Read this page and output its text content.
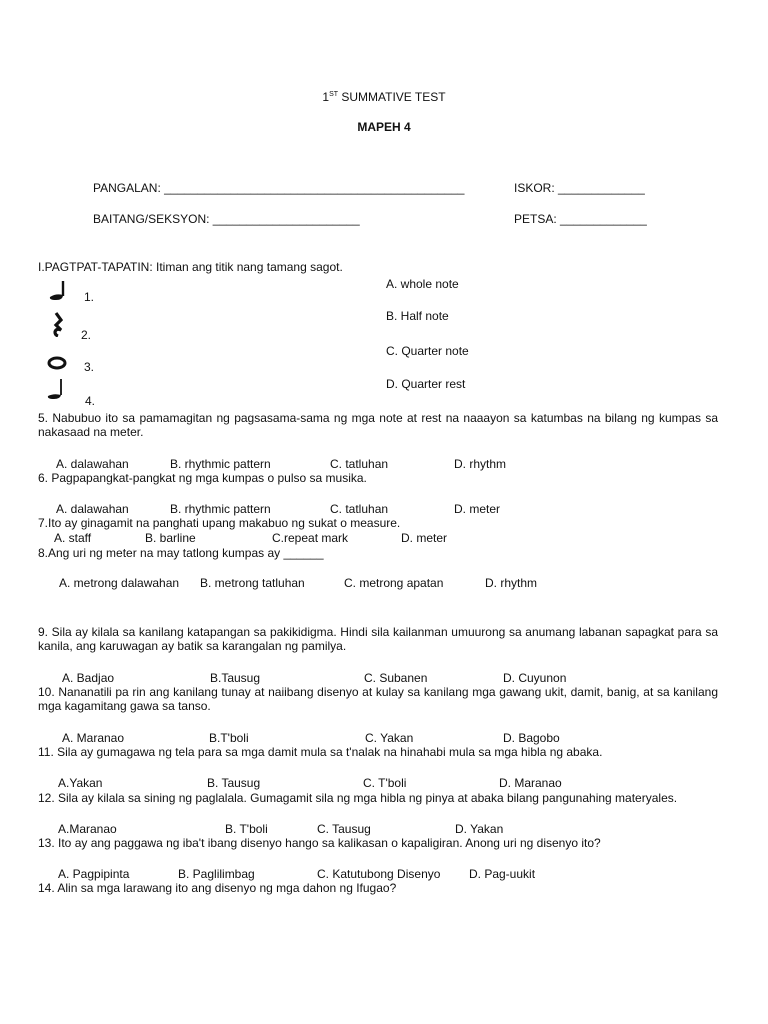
1ST SUMMATIVE TEST
MAPEH 4
PANGALAN: _____________________________________________	ISKOR: _____________
BAITANG/SEKSYON: ______________________	PETSA: _____________
I.PAGTPAT-TAPATIN: Itiman ang titik nang tamang sagot.
1.
2.
3.
4.
A. whole note
B. Half note
C. Quarter note
D. Quarter rest
5. Nabubuo ito sa pamamagitan ng pagsasama-sama ng mga note at rest na naaayon sa katumbas na bilang ng kumpas sa nakasaad na meter.
A. dalawahan	B. rhythmic pattern	C. tatluhan	D. rhythm
6. Pagpapangkat-pangkat ng mga kumpas o pulso sa musika.
A. dalawahan	B. rhythmic pattern	C. tatluhan	D. meter
7.Ito ay ginagamit na panghati upang makabuo ng sukat o measure.
A. staff	B. barline	C.repeat mark	D. meter
8.Ang uri ng meter na may tatlong kumpas ay ______
A. metrong dalawahan B. metrong tatluhan	C. metrong apatan	D. rhythm
9. Sila ay kilala sa kanilang katapangan sa pakikidigma. Hindi sila kailanman umuurong sa anumang labanan sapagkat para sa kanila, ang karuwagan ay batik sa karangalan ng pamilya.
A. Badjao	B.Tausug	C. Subanen	D. Cuyunon
10. Nananatili pa rin ang kanilang tunay at naiibang disenyo at kulay sa kanilang mga gawang ukit, damit, banig, at sa kanilang mga kagamitang gawa sa tanso.
A. Maranao	B.T'boli	C. Yakan	D. Bagobo
11. Sila ay gumagawa ng tela para sa mga damit mula sa t'nalak na hinahabi mula sa mga hibla ng abaka.
A.Yakan	B. Tausug	C. T'boli	D. Maranao
12. Sila ay kilala sa sining ng paglalala. Gumagamit sila ng mga hibla ng pinya at abaka bilang pangunahing materyales.
A.Maranao	B. T'boli	C. Tausug	D. Yakan
13. Ito ay ang paggawa ng iba't ibang disenyo hango sa kalikasan o kapaligiran. Anong uri ng disenyo ito?
A. Pagpipinta	B. Paglilimbag	C. Katutubong Disenyo D. Pag-uukit
14. Alin sa mga larawang ito ang disenyo ng mga dahon ng Ifugao?
